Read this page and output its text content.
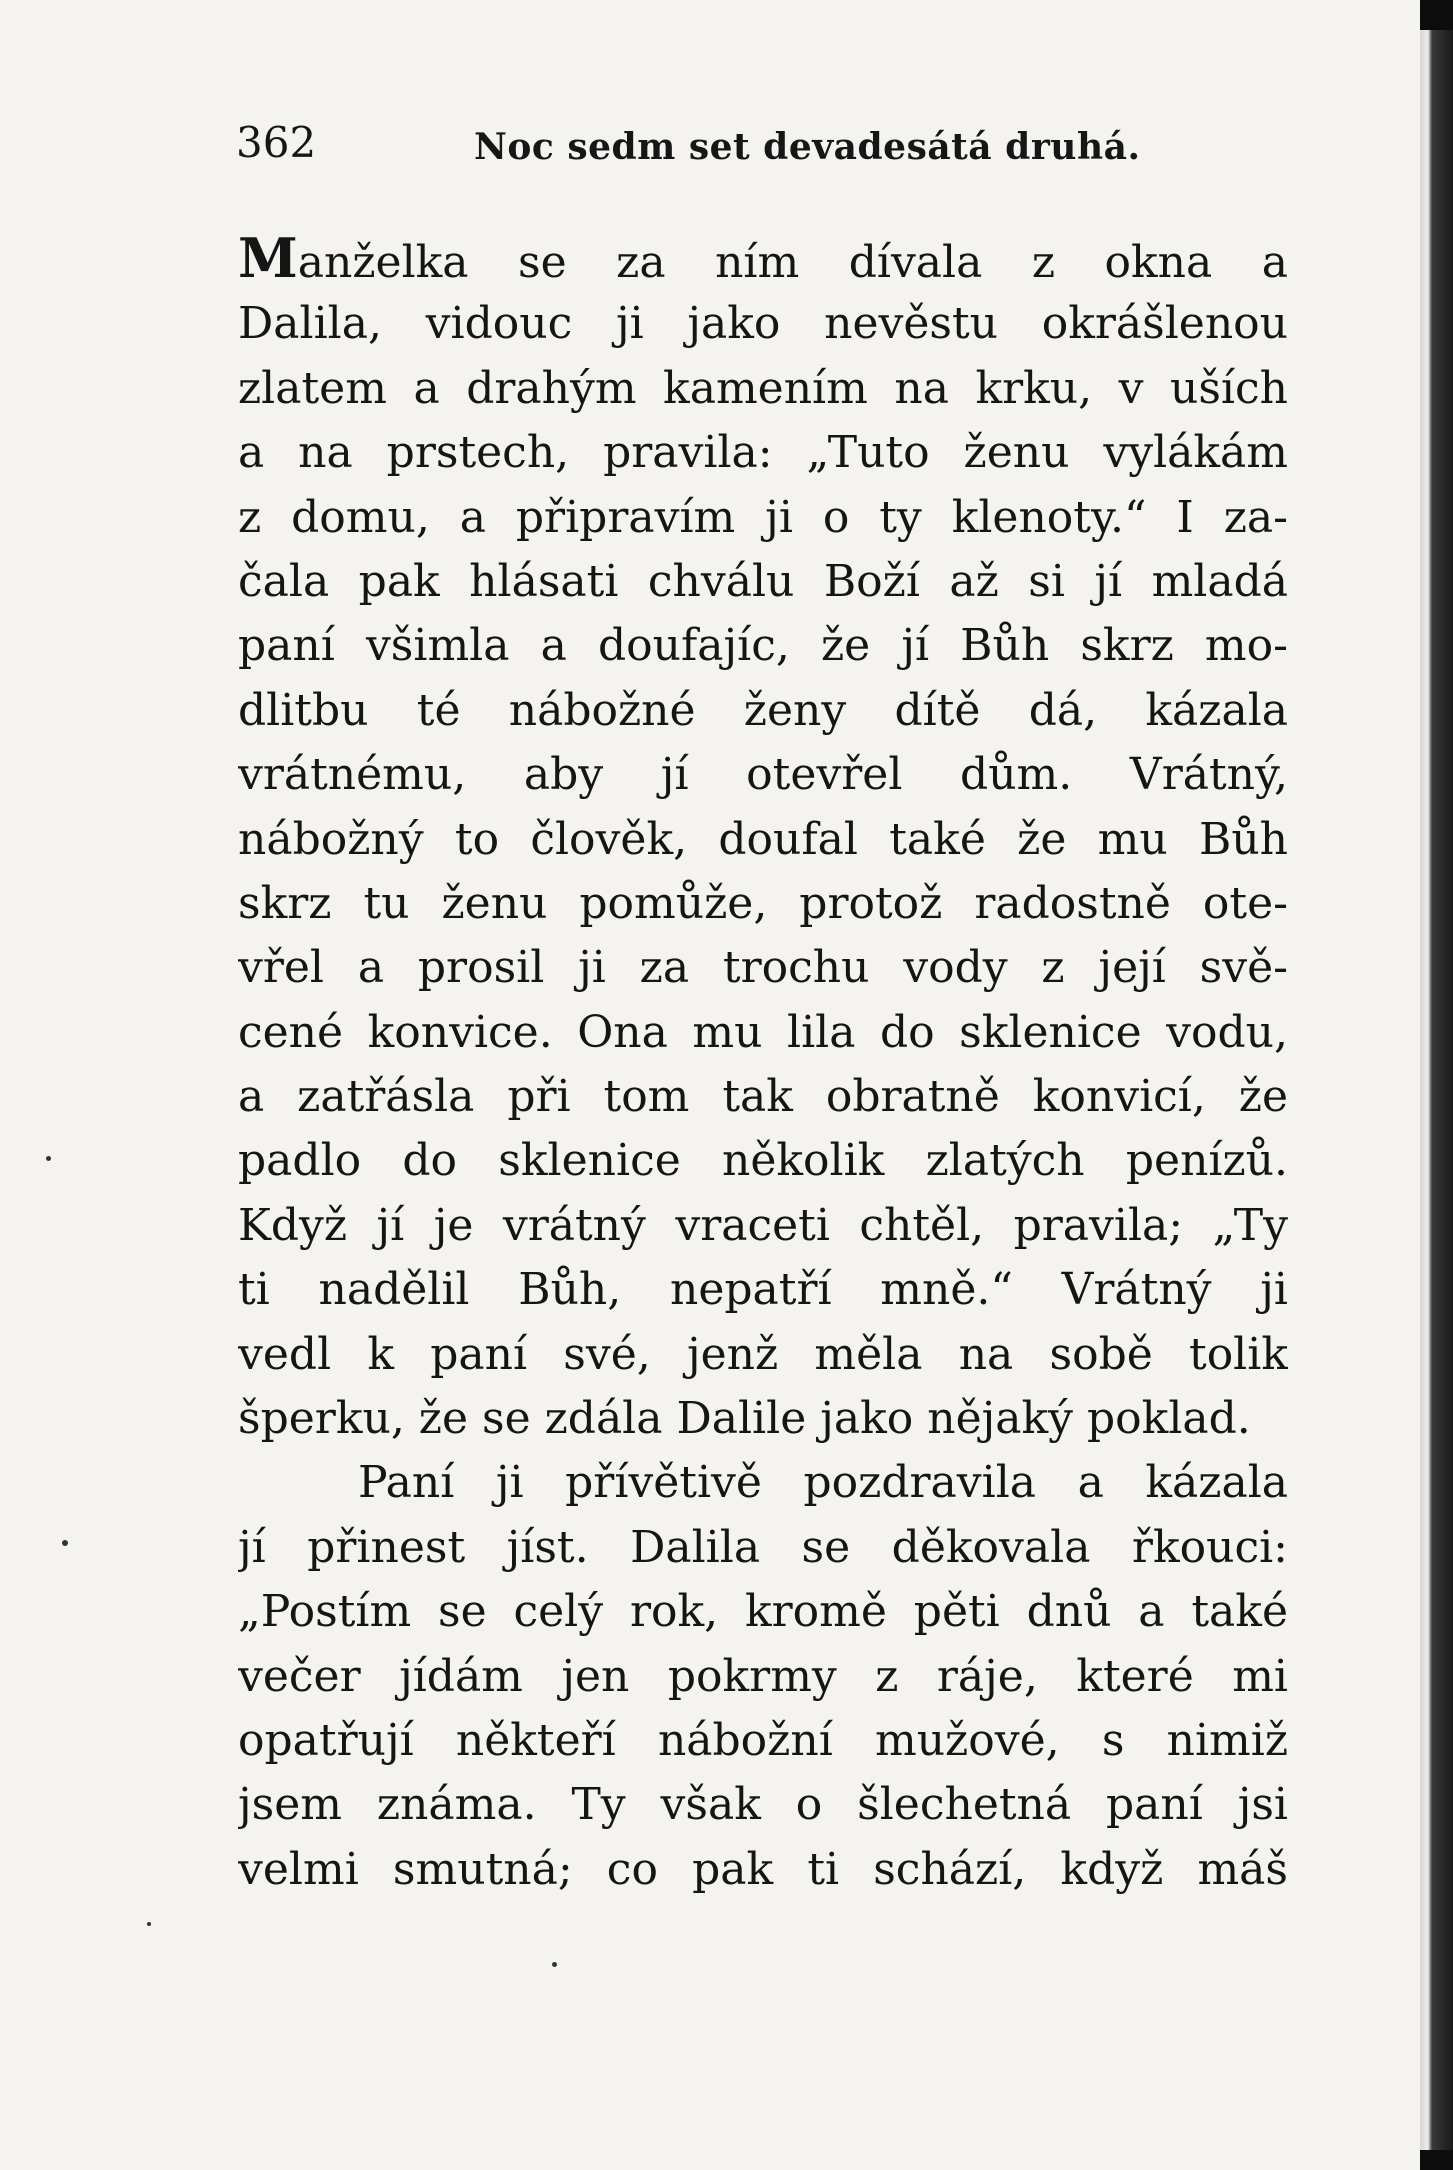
362	Noc sedm set devadesátá druhá.
Manželka se za ním dívala z okna a
Dalila, vidouc ji jako nevěstu okrášlenou
zlatem a drahým kamením na krku, v uších
a na prstech, pravila: „Tuto ženu vylákám
z domu, a připravím ji o ty klenoty.“ I za-
čala pak hlásati chválu Boží až si jí mladá
paní všimla a doufajíc, že jí Bůh skrz mo-
dlitbu té nábožné ženy dítě dá, kázala
vrátnému, aby jí otevřel dům. Vrátný,
nábožný to člověk, doufal také že mu Bůh
skrz tu ženu pomůže, protož radostně ote-
vřel a prosil ji za trochu vody z její svě-
cené konvice. Ona mu lila do sklenice vodu,
a zatřásla při tom tak obratně konvicí, že
padlo do sklenice několik zlatých penízů.
Když jí je vrátný vraceti chtěl, pravila; „Ty
ti nadělil Bůh, nepatří mně.“ Vrátný ji
vedl k paní své, jenž měla na sobě tolik
šperku, že se zdála Dalile jako nějaký poklad.
Paní ji přívětivě pozdravila a kázala
jí přinest jíst. Dalila se děkovala řkouci:
„Postím se celý rok, kromě pěti dnů a také
večer jídám jen pokrmy z ráje, které mi
opatřují někteří nábožní mužové, s nimiž
jsem známa. Ty však o šlechetná paní jsi
velmi smutná; co pak ti schází, když máš
